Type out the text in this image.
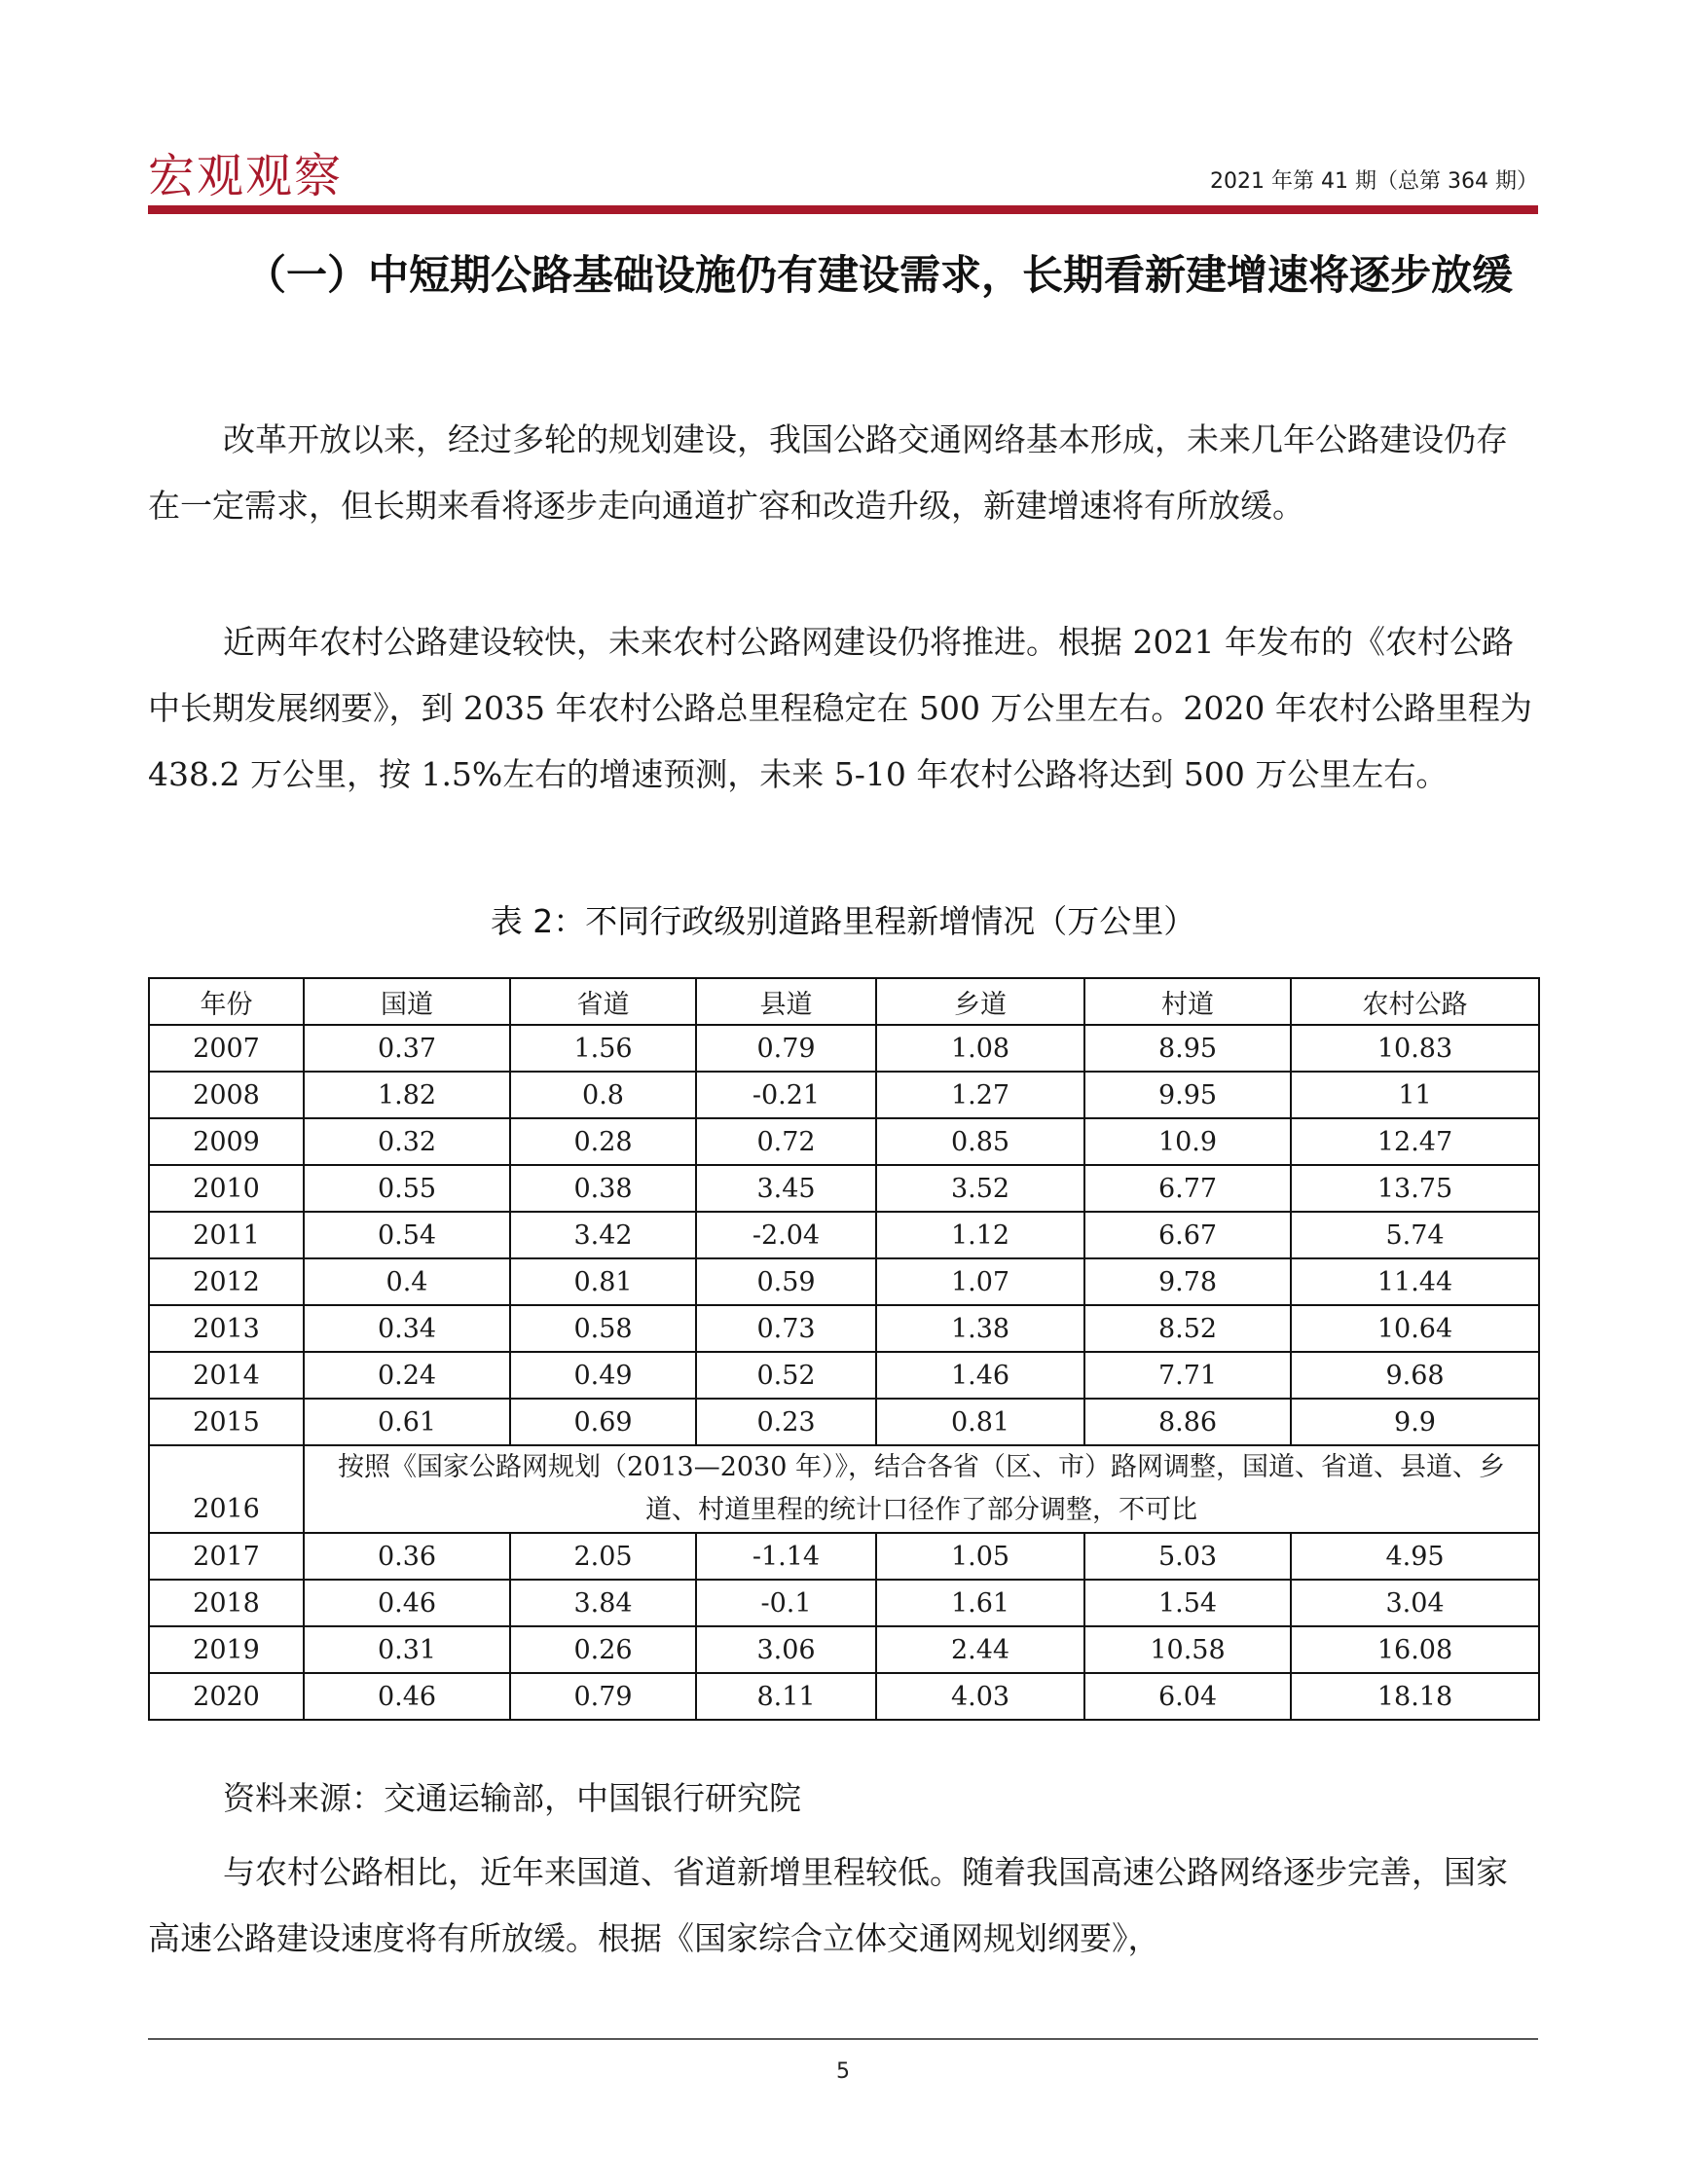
宏观观察	2021 年第 41 期（总第 364 期）
（一）中短期公路基础设施仍有建设需求，长期看新建增速将逐步放缓

改革开放以来，经过多轮的规划建设，我国公路交通网络基本形成，未来几年公路建设仍存在一定需求，但长期来看将逐步走向通道扩容和改造升级，新建增速将有所放缓。

近两年农村公路建设较快，未来农村公路网建设仍将推进。根据 2021 年发布的《农村公路中长期发展纲要》，到 2035 年农村公路总里程稳定在 500 万公里左右。2020 年农村公路里程为 438.2 万公里，按 1.5%左右的增速预测，未来 5-10 年农村公路将达到 500 万公里左右。

表 2：不同行政级别道路里程新增情况（万公里）

年份	国道	省道	县道	乡道	村道	农村公路
2007	0.37	1.56	0.79	1.08	8.95	10.83
2008	1.82	0.8	-0.21	1.27	9.95	11
2009	0.32	0.28	0.72	0.85	10.9	12.47
2010	0.55	0.38	3.45	3.52	6.77	13.75
2011	0.54	3.42	-2.04	1.12	6.67	5.74
2012	0.4	0.81	0.59	1.07	9.78	11.44
2013	0.34	0.58	0.73	1.38	8.52	10.64
2014	0.24	0.49	0.52	1.46	7.71	9.68
2015	0.61	0.69	0.23	0.81	8.86	9.9
2016	按照《国家公路网规划（2013—2030 年）》，结合各省（区、市）路网调整，国道、省道、县道、乡道、村道里程的统计口径作了部分调整，不可比					
2017	0.36	2.05	-1.14	1.05	5.03	4.95
2018	0.46	3.84	-0.1	1.61	1.54	3.04
2019	0.31	0.26	3.06	2.44	10.58	16.08
2020	0.46	0.79	8.11	4.03	6.04	18.18

资料来源：交通运输部，中国银行研究院

与农村公路相比，近年来国道、省道新增里程较低。随着我国高速公路网络逐步完善，国家高速公路建设速度将有所放缓。根据《国家综合立体交通网规划纲要》，

5
